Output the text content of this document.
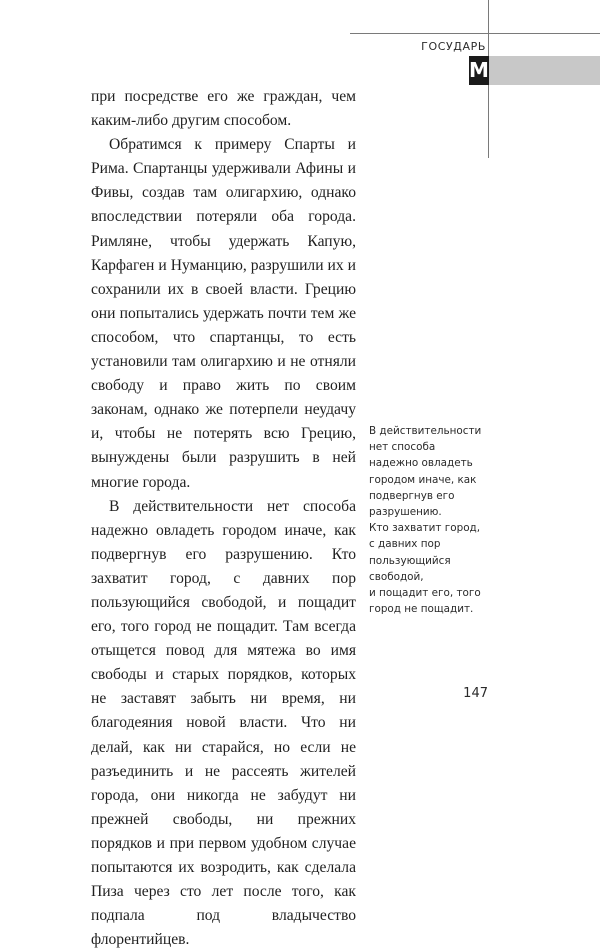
ГОСУДАРЬ
М

при посредстве его же граждан, чем каким-либо другим способом.

Обратимся к примеру Спарты и Рима. Спартанцы удерживали Афины и Фивы, создав там олигархию, однако впоследствии потеряли оба города. Римляне, чтобы удержать Капую, Карфаген и Нуманцию, разрушили их и сохранили их в своей власти. Грецию они попытались удержать почти тем же способом, что спартанцы, то есть установили там олигархию и не отняли свободу и право жить по своим законам, однако же потерпели неудачу и, чтобы не потерять всю Грецию, вынуждены были разрушить в ней многие города.

В действительности нет способа надежно овладеть городом иначе, как подвергнув его разрушению. Кто захватит город, с давних пор пользующийся свободой, и пощадит его, того город не пощадит. Там всегда отыщется повод для мятежа во имя свободы и старых порядков, которых не заставят забыть ни время, ни благодеяния новой власти. Что ни делай, как ни старайся, но если не разъединить и не рассеять жителей города, они никогда не забудут ни прежней свободы, ни прежних порядков и при первом удобном случае попытаются их возродить, как сделала Пиза через сто лет после того, как подпала под владычество флорентийцев.

В действительности
нет способа
надежно овладеть
городом иначе, как
подвергнув его
разрушению.
Кто захватит город,
с давних пор
пользующийся
свободой,
и пощадит его, того
город не пощадит.
147
